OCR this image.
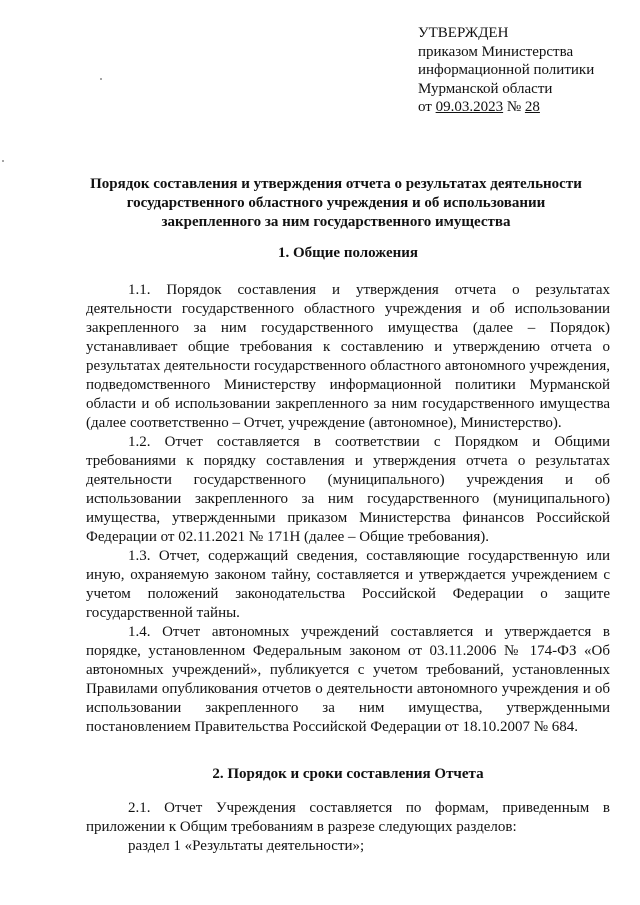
УТВЕРЖДЕН
приказом Министерства
информационной политики
Мурманской области
от 09.03.2023 № 28
Порядок составления и утверждения отчета о результатах деятельности государственного областного учреждения и об использовании закрепленного за ним государственного имущества
1. Общие положения

1.1. Порядок составления и утверждения отчета о результатах деятельности государственного областного учреждения и об использовании закрепленного за ним государственного имущества (далее – Порядок) устанавливает общие требования к составлению и утверждению отчета о результатах деятельности государственного областного автономного учреждения, подведомственного Министерству информационной политики Мурманской области и об использовании закрепленного за ним государственного имущества (далее соответственно – Отчет, учреждение (автономное), Министерство).

1.2. Отчет составляется в соответствии с Порядком и Общими требованиями к порядку составления и утверждения отчета о результатах деятельности государственного (муниципального) учреждения и об использовании закрепленного за ним государственного (муниципального) имущества, утвержденными приказом Министерства финансов Российской Федерации от 02.11.2021 № 171Н (далее – Общие требования).

1.3. Отчет, содержащий сведения, составляющие государственную или иную, охраняемую законом тайну, составляется и утверждается учреждением с учетом положений законодательства Российской Федерации о защите государственной тайны.

1.4. Отчет автономных учреждений составляется и утверждается в порядке, установленном Федеральным законом от 03.11.2006 № 174-ФЗ «Об автономных учреждений», публикуется с учетом требований, установленных Правилами опубликования отчетов о деятельности автономного учреждения и об использовании закрепленного за ним имущества, утвержденными постановлением Правительства Российской Федерации от 18.10.2007 № 684.

2. Порядок и сроки составления Отчета

2.1. Отчет Учреждения составляется по формам, приведенным в приложении к Общим требованиям в разрезе следующих разделов:

раздел 1 «Результаты деятельности»;
